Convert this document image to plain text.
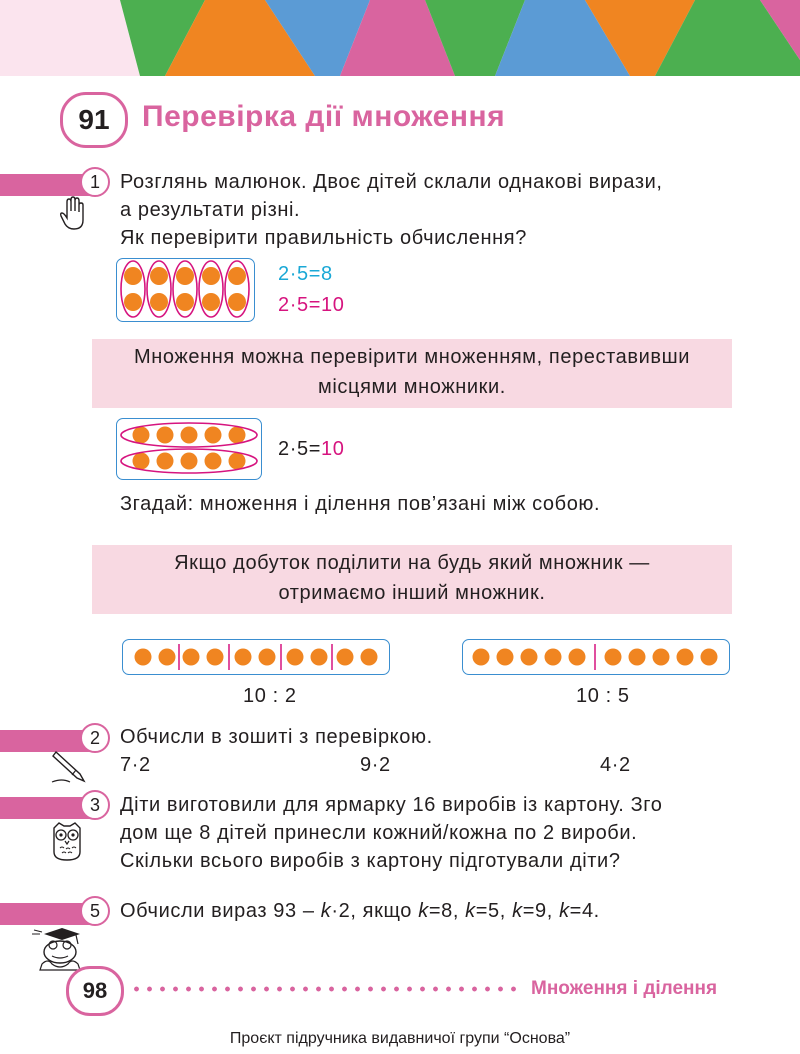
91	Перевірка дії множення
1	Розглянь малюнок. Двоє дітей склали однакові вирази,
а результати різні.
Як перевірити правильність обчислення?
2·5=8
2·5=10
Множення можна перевірити множенням, переставивши
місцями множники.
2·5=10
Згадай: множення і ділення пов’язані між собою.
Якщо добуток поділити на будь який множник —
отримаємо інший множник.
10 : 2	10 : 5
2	Обчисли в зошиті з перевіркою.
7·2	9·2	4·2
3	Діти виготовили для ярмарку 16 виробів із картону. Зго
дом ще 8 дітей принесли кожний/кожна по 2 вироби.
Скільки всього виробів з картону підготували діти?
5	Обчисли вираз 93 – k·2, якщо k=8, k=5, k=9, k=4.
98	Множення і ділення
Проєкт підручника видавничої групи “Основа”
